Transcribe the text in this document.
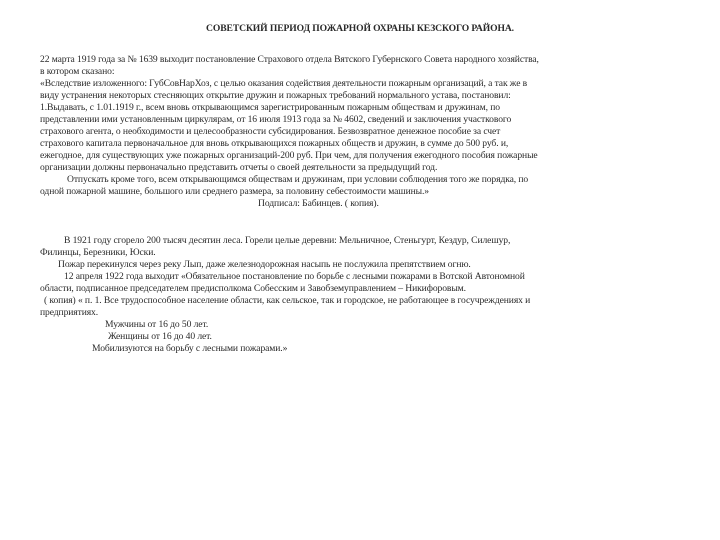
СОВЕТСКИЙ ПЕРИОД ПОЖАРНОЙ ОХРАНЫ КЕЗСКОГО РАЙОНА.
22 марта 1919 года за № 1639 выходит постановление Страхового отдела Вятского Губернского Совета народного хозяйства,
в котором сказано:
«Вследствие изложенного: ГубСовНарХоз, с целью оказания содействия деятельности пожарным организаций, а так же в
виду устранения некоторых стесняющих открытие дружин и пожарных требований нормального устава, постановил:
1.Выдавать, с 1.01.1919 г., всем вновь открывающимся зарегистрированным пожарным обществам и дружинам, по
представлении ими установленным циркулярам, от 16 июля 1913 года за № 4602, сведений и заключения участкового
страхового агента, о необходимости и целесообразности субсидирования. Безвозвратное денежное пособие за счет
страхового капитала первоначальное для вновь открывающихся пожарных обществ и дружин, в сумме до 500 руб. и,
ежегодное, для существующих уже пожарных организаций-200 руб. При чем, для получения ежегодного пособия пожарные
организации должны первоначально представить отчеты о своей деятельности за предыдущий год.
Отпускать кроме того, всем открывающимся обществам и дружинам, при условии соблюдения того же порядка, по
одной пожарной машине, большого или среднего размера, за половину себестоимости машины.»
Подписал: Бабинцев. ( копия).
В 1921 году сгорело 200 тысяч десятин леса. Горели целые деревни: Мельничное, Стеньгурт, Кездур, Силешур,
Филинцы, Березники, Юски.
Пожар перекинулся через реку Лып, даже железнодорожная насыпь не послужила препятствием огню.
12 апреля 1922 года выходит «Обязательное постановление по борьбе с лесными пожарами в Вотской Автономной
области, подписанное председателем предисполкома Собесским и Завобземуправлением – Никифоровым.
( копия) « п. 1. Все трудоспособное население области, как сельское, так и городское, не работающее в госучреждениях и
предприятиях.
Мужчины от 16 до 50 лет.
Женщины от 16 до 40 лет.
Мобилизуются на борьбу с лесными пожарами.»
